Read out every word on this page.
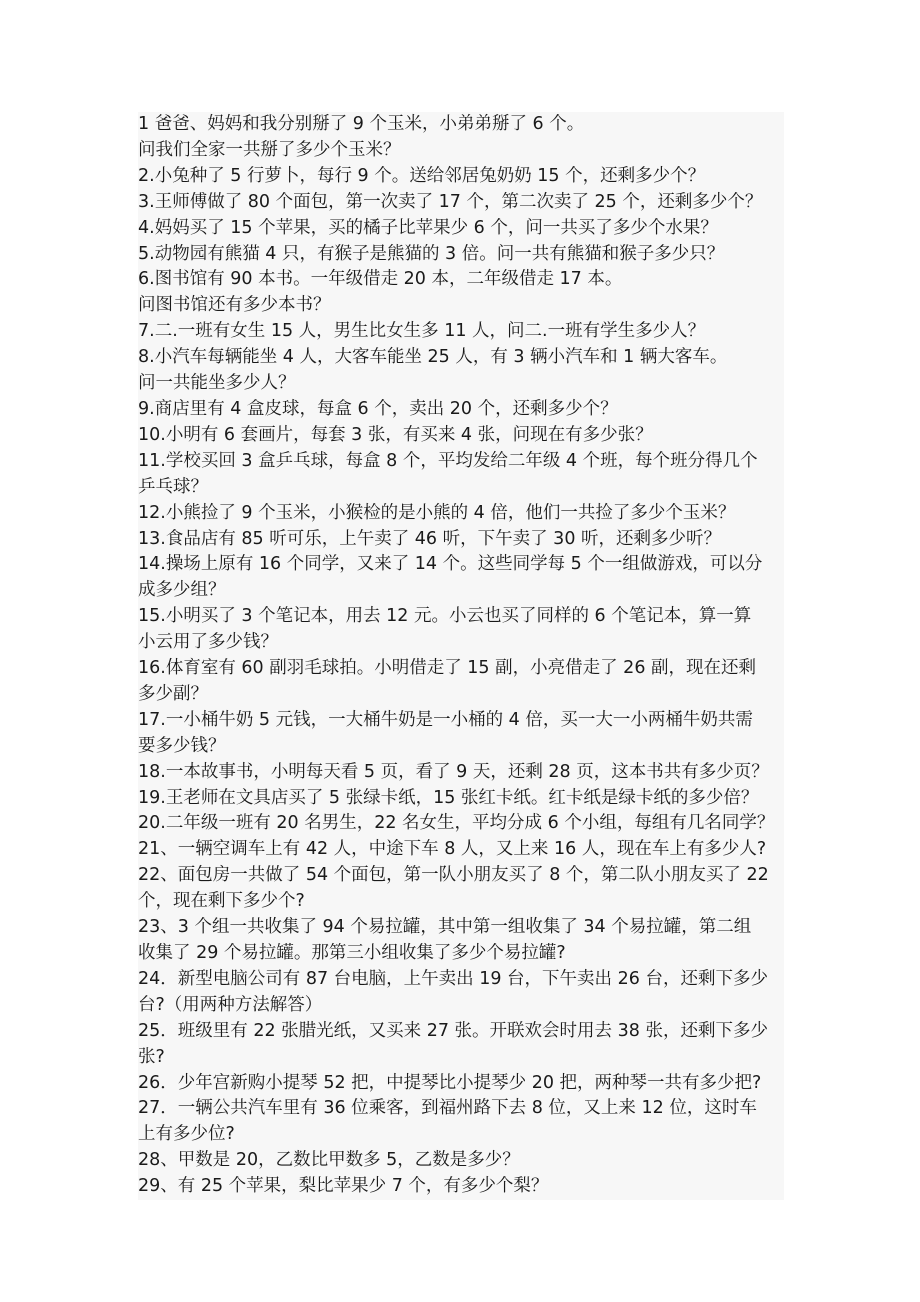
1 爸爸、妈妈和我分别掰了 9 个玉米，小弟弟掰了 6 个。
问我们全家一共掰了多少个玉米？
2.小兔种了 5 行萝卜，每行 9 个。送给邻居兔奶奶 15 个，还剩多少个？
3.王师傅做了 80 个面包，第一次卖了 17 个，第二次卖了 25 个，还剩多少个？
4.妈妈买了 15 个苹果，买的橘子比苹果少 6 个，问一共买了多少个水果？
5.动物园有熊猫 4 只，有猴子是熊猫的 3 倍。问一共有熊猫和猴子多少只？
6.图书馆有 90 本书。一年级借走 20 本，二年级借走 17 本。
问图书馆还有多少本书？
7.二.一班有女生 15 人，男生比女生多 11 人，问二.一班有学生多少人？
8.小汽车每辆能坐 4 人，大客车能坐 25 人，有 3 辆小汽车和 1 辆大客车。
问一共能坐多少人？
9.商店里有 4 盒皮球，每盒 6 个，卖出 20 个，还剩多少个？
10.小明有 6 套画片，每套 3 张，有买来 4 张，问现在有多少张？
11.学校买回 3 盒乒乓球，每盒 8 个，平均发给二年级 4 个班，每个班分得几个
乒乓球？
12.小熊捡了 9 个玉米，小猴检的是小熊的 4 倍，他们一共捡了多少个玉米？
13.食品店有 85 听可乐，上午卖了 46 听，下午卖了 30 听，还剩多少听？
14.操场上原有 16 个同学，又来了 14 个。这些同学每 5 个一组做游戏，可以分
成多少组？
15.小明买了 3 个笔记本，用去 12 元。小云也买了同样的 6 个笔记本，算一算
小云用了多少钱？
16.体育室有 60 副羽毛球拍。小明借走了 15 副，小亮借走了 26 副，现在还剩
多少副？
17.一小桶牛奶 5 元钱，一大桶牛奶是一小桶的 4 倍，买一大一小两桶牛奶共需
要多少钱？
18.一本故事书，小明每天看 5 页，看了 9 天，还剩 28 页，这本书共有多少页？
19.王老师在文具店买了 5 张绿卡纸，15 张红卡纸。红卡纸是绿卡纸的多少倍？
20.二年级一班有 20 名男生，22 名女生，平均分成 6 个小组，每组有几名同学？
21、一辆空调车上有 42 人，中途下车 8 人，又上来 16 人，现在车上有多少人?
22、面包房一共做了 54 个面包，第一队小朋友买了 8 个，第二队小朋友买了 22
个，现在剩下多少个?
23、3 个组一共收集了 94 个易拉罐，其中第一组收集了 34 个易拉罐，第二组
收集了 29 个易拉罐。那第三小组收集了多少个易拉罐?
24．新型电脑公司有 87 台电脑，上午卖出 19 台，下午卖出 26 台，还剩下多少
台?（用两种方法解答）
25．班级里有 22 张腊光纸，又买来 27 张。开联欢会时用去 38 张，还剩下多少
张?
26．少年宫新购小提琴 52 把，中提琴比小提琴少 20 把，两种琴一共有多少把?
27．一辆公共汽车里有 36 位乘客，到福州路下去 8 位，又上来 12 位，这时车
上有多少位?
28、甲数是 20，乙数比甲数多 5，乙数是多少？
29、有 25 个苹果，梨比苹果少 7 个，有多少个梨？
